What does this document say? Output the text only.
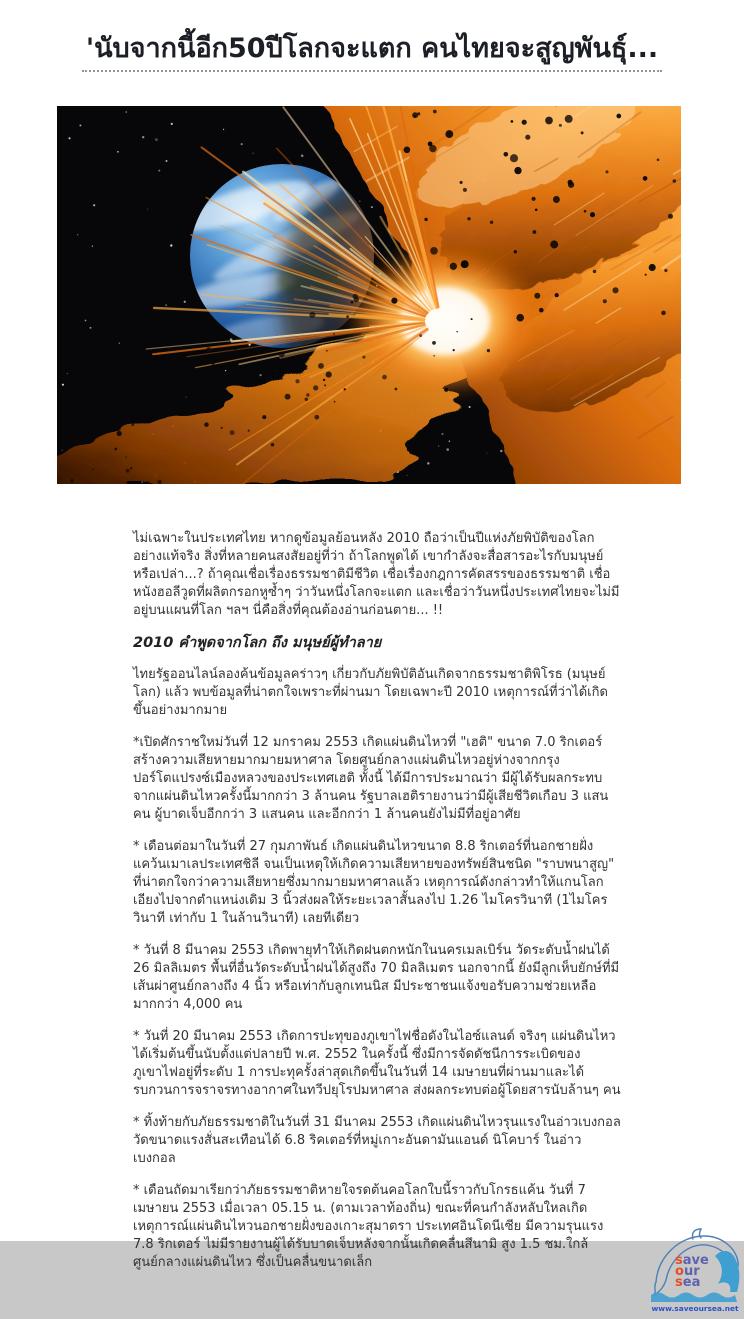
'นับจากนี้อีก50ปีโลกจะแตก คนไทยจะสูญพันธุ์...

ไม่เฉพาะในประเทศไทย หากดูข้อมูลย้อนหลัง 2010 ถือว่าเป็นปีแห่งภัยพิบัติของโลกอย่างแท้จริง สิ่งที่หลายคนสงสัยอยู่ที่ว่า ถ้าโลกพูดได้ เขากำลังจะสื่อสารอะไรกับมนุษย์หรือเปล่า...? ถ้าคุณเชื่อเรื่องธรรมชาติมีชีวิต เชื่อเรื่องกฎการคัดสรรของธรรมชาติ เชื่อหนังฮอลีวูดที่ผลิตกรอกหูซ้ำๆ ว่าวันหนึ่งโลกจะแตก และเชื่อว่าวันหนึ่งประเทศไทยจะไม่มีอยู่บนแผนที่โลก ฯลฯ นี่คือสิ่งที่คุณต้องอ่านก่อนตาย... !!

2010 คำพูดจากโลก ถึง มนุษย์ผู้ทำลาย

ไทยรัฐออนไลน์ลองค้นข้อมูลคร่าวๆ เกี่ยวกับภัยพิบัติอันเกิดจากธรรมชาติพิโรธ (มนุษย์โลก) แล้ว พบข้อมูลที่น่าตกใจเพราะที่ผ่านมา โดยเฉพาะปี 2010 เหตุการณ์ที่ว่าได้เกิดขึ้นอย่างมากมาย

*เปิดศักราชใหม่วันที่ 12 มกราคม 2553 เกิดแผ่นดินไหวที่ "เฮติ" ขนาด 7.0 ริกเตอร์ สร้างความเสียหายมากมายมหาศาล โดยศูนย์กลางแผ่นดินไหวอยู่ห่างจากกรุงปอร์โตแปรงซ์เมืองหลวงของประเทศเฮติ ทั้งนี้ ได้มีการประมาณว่า มีผู้ได้รับผลกระทบจากแผ่นดินไหวครั้งนี้มากกว่า 3 ล้านคน รัฐบาลเฮติรายงานว่ามีผู้เสียชีวิตเกือบ 3 แสนคน ผู้บาดเจ็บอีกกว่า 3 แสนคน และอีกกว่า 1 ล้านคนยังไม่มีที่อยู่อาศัย

* เดือนต่อมาในวันที่ 27 กุมภาพันธ์ เกิดแผ่นดินไหวขนาด 8.8 ริกเตอร์ที่นอกชายฝั่งแคว้นเมาเลประเทศชิลี จนเป็นเหตุให้เกิดความเสียหายของทรัพย์สินชนิด "ราบพนาสูญ" ที่น่าตกใจกว่าความเสียหายซึ่งมากมายมหาศาลแล้ว เหตุการณ์ดังกล่าวทำให้แกนโลกเอียงไปจากตำแหน่งเดิม 3 นิ้วส่งผลให้ระยะเวลาสั้นลงไป 1.26 ไมโครวินาที (1ไมโครวินาที เท่ากับ 1 ในล้านวินาที) เลยทีเดียว

* วันที่ 8 มีนาคม 2553 เกิดพายุทำให้เกิดฝนตกหนักในนครเมลเบิร์น วัดระดับน้ำฝนได้ 26 มิลลิเมตร พื้นที่อื่นวัดระดับน้ำฝนได้สูงถึง 70 มิลลิเมตร นอกจากนี้ ยังมีลูกเห็บยักษ์ที่มีเส้นผ่าศูนย์กลางถึง 4 นิ้ว หรือเท่ากับลูกเทนนิส มีประชาชนแจ้งขอรับความช่วยเหลือมากกว่า 4,000 คน

* วันที่ 20 มีนาคม 2553 เกิดการปะทุของภูเขาไฟชื่อดังในไอซ์แลนด์ จริงๆ แผ่นดินไหวได้เริ่มต้นขึ้นนับตั้งแต่ปลายปี พ.ศ. 2552 ในครั้งนี้ ซึ่งมีการจัดดัชนีการระเบิดของภูเขาไฟอยู่ที่ระดับ 1 การปะทุครั้งล่าสุดเกิดขึ้นในวันที่ 14 เมษายนที่ผ่านมาและได้รบกวนการจราจรทางอากาศในทวีปยุโรปมหาศาล ส่งผลกระทบต่อผู้โดยสารนับล้านๆ คน

* ทิ้งท้ายกับภัยธรรมชาติในวันที่ 31 มีนาคม 2553 เกิดแผ่นดินไหวรุนแรงในอ่าวเบงกอล วัดขนาดแรงสั่นสะเทือนได้ 6.8 ริคเตอร์ที่หมู่เกาะอันดามันแอนด์ นิโคบาร์ ในอ่าวเบงกอล

* เดือนถัดมาเรียกว่าภัยธรรมชาติหายใจรดต้นคอโลกใบนี้ราวกับโกรธแค้น วันที่ 7 เมษายน 2553 เมื่อเวลา 05.15 น. (ตามเวลาท้องถิ่น) ขณะที่คนกำลังหลับใหลเกิดเหตุการณ์แผ่นดินไหวนอกชายฝั่งของเกาะสุมาตรา ประเทศอินโดนีเซีย มีความรุนแรง 7.8 ริกเตอร์ ไม่มีรายงานผู้ได้รับบาดเจ็บหลังจากนั้นเกิดคลื่นสึนามิ สูง 1.5 ชม.ใกล้ศูนย์กลางแผ่นดินไหว ซึ่งเป็นคลื่นขนาดเล็ก	save
our
sea
www.saveoursea.net
